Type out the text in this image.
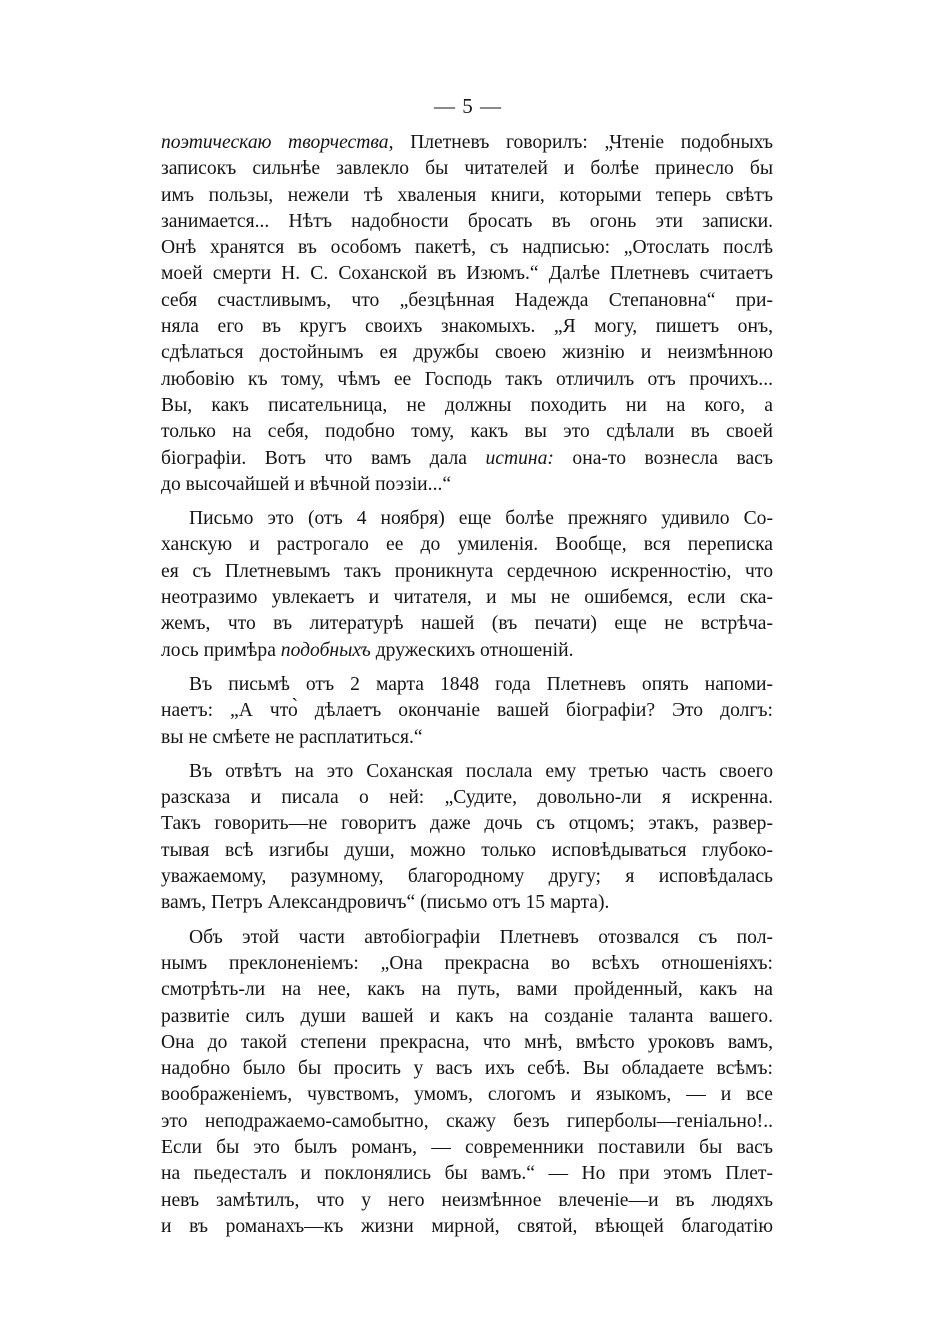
— 5 —
поэтическаю творчества, Плетневъ говорилъ: „Чтеніе подобныхъ
записокъ сильнѣе завлекло бы читателей и болѣе принесло бы
имъ пользы, нежели тѣ хваленыя книги, которыми теперь свѣтъ
занимается... Нѣтъ надобности бросать въ огонь эти записки.
Онѣ хранятся въ особомъ пакетѣ, съ надписью: „Отослать послѣ
моей смерти Н. С. Сохaнской въ Изюмъ.“ Далѣе Плетневъ считаетъ
себя счастливымъ, что „безцѣнная Надежда Степановна“ при-
няла его въ кругъ своихъ знакомыхъ. „Я могу, пишетъ онъ,
сдѣлаться достойнымъ ея дружбы своею жизнію и неизмѣнною
любовію къ тому, чѣмъ ее Господь такъ отличилъ отъ прочихъ...
Вы, какъ писательница, не должны походить ни на кого, а
только на себя, подобно тому, какъ вы это сдѣлали въ своей
біографіи. Вотъ что вамъ дала истина: она-то вознесла васъ
до высочайшей и вѣчной поэзіи...“
Письмо это (отъ 4 ноября) еще болѣе прежняго удивило Со-
ханскую и растрогало ее до умиленія. Вообще, вся переписка
ея съ Плетневымъ такъ проникнута сердечною искренностію, что
неотразимо увлекаетъ и читателя, и мы не ошибемся, если ска-
жемъ, что въ литературѣ нашей (въ печати) еще не встрѣча-
лось примѣра подобныхъ дружескихъ отношеній.
Въ письмѣ отъ 2 марта 1848 года Плетневъ опять напоми-
наетъ: „А что̀ дѣлаетъ окончаніе вашей біографіи? Это долгъ:
вы не смѣете не расплатиться.“
Въ отвѣтъ на это Соханская послала ему третью часть своего
разсказа и писала о ней: „Судите, довольно-ли я искренна.
Такъ говорить—не говоритъ даже дочь съ отцомъ; этакъ, развер-
тывая всѣ изгибы души, можно только исповѣдываться глубоко-
уважаемому, разумному, благородному другу; я исповѣдалась
вамъ, Петръ Александровичъ“ (письмо отъ 15 марта).
Объ этой части автобіографіи Плетневъ отозвался съ пол-
нымъ преклоненіемъ: „Она прекрасна во всѣхъ отношеніяхъ:
смотрѣть-ли на нее, какъ на путь, вами пройденный, какъ на
развитіе силъ души вашей и какъ на созданіе таланта вашего.
Она до такой степени прекрасна, что мнѣ, вмѣсто уроковъ вамъ,
надобно было бы просить у васъ ихъ себѣ. Вы обладаете всѣмъ:
воображеніемъ, чувствомъ, умомъ, слогомъ и языкомъ, — и все
это неподражаемо-самобытно, скажу безъ гиперболы—геніально!..
Если бы это былъ романъ, — современники поставили бы васъ
на пьедесталъ и поклонялись бы вамъ.“ — Но при этомъ Плет-
невъ замѣтилъ, что у него неизмѣнное влеченіе—и въ людяхъ
и въ романахъ—къ жизни мирной, святой, вѣющей благодатію
